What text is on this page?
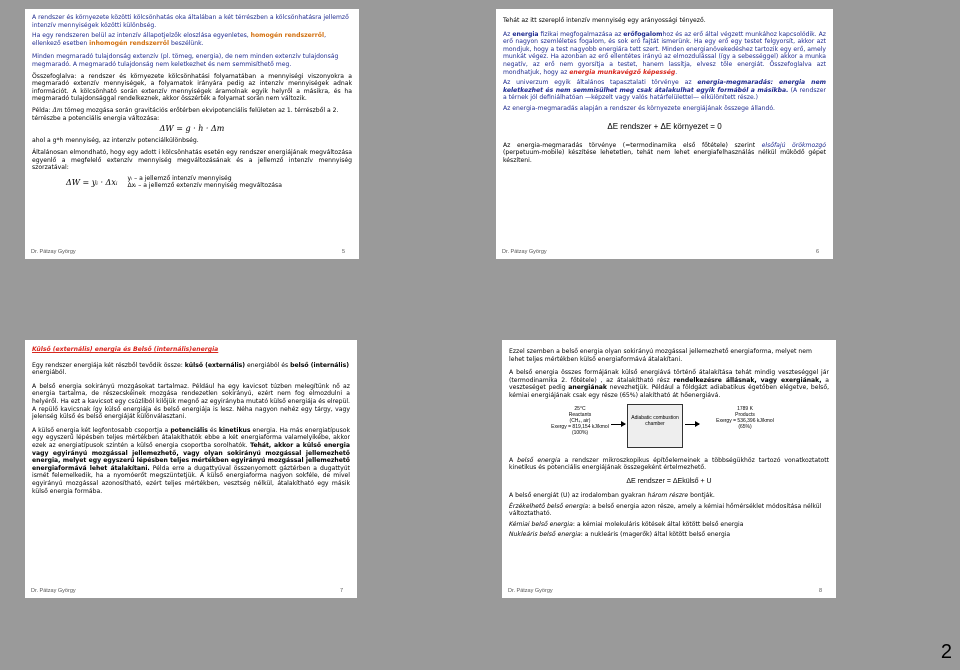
A rendszer és környezete közötti kölcsönhatás oka általában a két térrészben a kölcsönhatásra jellemző intenzív mennyiségek közötti különbség.

Ha egy rendszeren belül az intenzív állapotjelzők eloszlása egyenletes, homogén rendszerről, ellenkező esetben inhomogén rendszerről beszélünk.

Minden megmaradó tulajdonság extenzív (pl. tömeg, energia), de nem minden extenzív tulajdonság megmaradó. A megmaradó tulajdonság nem keletkezhet és nem semmisíthető meg.

Összefoglalva: a rendszer és környezete kölcsönhatási folyamatában a mennyiségi viszonyokra a megmaradó extenzív mennyiségek, a folyamatok irányára pedig az intenzív mennyiségek adnak információt. A kölcsönható során extenzív mennyiségek áramolnak egyik helyről a másikra, és ha megmaradó tulajdonsággal rendelkeznek, akkor összérték a folyamat során nem változik.

Példa: Δm tömeg mozgása során gravitációs erőtérben ekvipotenciális felületen az 1. térrészből a 2. térrészbe a potenciális energia változása:

ΔW = g · h · Δm

ahol a g*h mennyiség, az intenzív potenciálkülönbség.

Általánosan elmondható, hogy egy adott i kölcsönhatás esetén egy rendszer energiájának megváltozása egyenlő a megfelelő extenzív mennyiség megváltozásának és a jellemző intenzív mennyiség szorzatával:

ΔW = yᵢ · Δxᵢ yᵢ – a jellemző intenzív mennyiség

Δxᵢ – a jellemző extenzív mennyiség megváltozása

Dr. Pátzay György	5

Tehát az itt szereplő intenzív mennyiség egy arányossági tényező.

Az energia fizikai megfogalmazása az erőfogalomhoz és az erő által végzett munkához kapcsolódik. Az erő nagyon szemléletes fogalom, és sok erő fajtát ismerünk. Ha egy erő egy testet felgyorsít, akkor azt mondjuk, hogy a test nagyobb energiára tett szert. Minden energianövekedéshez tartozik egy erő, amely munkát végez. Ha azonban az erő ellentétes irányú az elmozdulással (így a sebességgel) akkor a munka negatív, az erő nem gyorsítja a testet, hanem lassítja, elvesz tőle energiát. Összefoglalva azt mondhatjuk, hogy az energia munkavégző képesség.

Az univerzum egyik általános tapasztalati törvénye az energia-megmaradás: energia nem keletkezhet és nem semmisülhet meg csak átalakulhat egyik formából a másikba. (A rendszer a térnek jól definiálhatóan —képzelt vagy valós határfelülettel— elkülönített része.)

Az energia-megmaradás alapján a rendszer és környezete energiájának összege állandó.

ΔE rendszer + ΔE környezet = 0

Az energia-megmaradás törvénye (=termodinamika első főtétele) szerint elsőfajú örökmozgó (perpetuum-mobile) készítése lehetetlen, tehát nem lehet energiafelhasználás nélkül működő gépet készíteni.

Dr. Pátzay György	6

Külső (externális) energia és Belső (internális)energia

Egy rendszer energiája két részből tevődik össze: külső (externális) energiából és belső (internális) energiából.

A belső energia sokirányú mozgásokat tartalmaz. Például ha egy kavicsot túzben melegítünk nő az energia tartalma, de részecskéinek mozgása rendezetlen sokirányú, ezért nem fog elmozdulni a helyéről. Ha ezt a kavicsot egy csúzliból kilőjük megnő az egyirányba mutató külső energiája és elrepül. A repülő kavicsnak így külső energiája és belső energiája is lesz. Néha nagyon nehéz egy tárgy, vagy jelenség külső és belső energiáját különválasztani.

A külső energia két legfontosabb csoportja a potenciális és kinetikus energia. Ha más energiatípusok egy egyszerű lépésben teljes mértékben átalakíthatók ebbe a két energiaforma valamelyikébe, akkor ezek az energiatípusok szintén a külső energia csoportba sorolhatók. Tehát, akkor a külső energia vagy egyirányú mozgással jellemezhető, vagy olyan sokirányú mozgással jellemezhető energia, melyet egy egyszerű lépésben teljes mértékben egyirányú mozgással jellemezhető energiaformává lehet átalakítani. Példa erre a dugattyúval összenyomott gáztérben a dugattyút ismét felemelkedik, ha a nyomóerőt megszüntetjük. A külső energiaforma nagyon sokféle, de mivel egyirányú mozgással azonosítható, ezért teljes mértékben, vesztség nélkül, átalakítható egy másik külső energia formába.

Dr. Pátzay György	7

Ezzel szemben a belső energia olyan sokirányú mozgással jellemezhető energiaforma, melyet nem lehet teljes mértékben külső energiaformává átalakítani.

A belső energia összes formájának külső energiává történő átalakítása tehát mindig veszteséggel jár (termodinamika 2. főtétele) , az átalakítható rész rendelkezésre állásnak, vagy exergiának, a veszteséget pedig anergiának nevezhetjük. Például a földgázt adiabatikus égetőben elégetve, belső, kémiai energiájának csak egy része (65%) alakítható át hőenergiává.

25°C
Reactants
(CH₄, air)
Exergy = 819,154 kJ/kmol
(100%)
Adiabatic combustion chamber
1789 K
Products
Exergy = 536,396 kJ/kmol
(65%)

A belső energia a rendszer mikroszkopikus építőelemeinek a többségükhöz tartozó vonatkoztatott kinetikus és potenciális energiájának összegeként értelmezhető.

ΔE rendszer = ΔEkülső + U

A belső energiát (U) az irodalomban gyakran három részre bontják.

Érzékelhető belső energia: a belső energia azon része, amely a kémiai hőmérséklet módosítása nélkül változtatható.

Kémiai belső energia: a kémiai molekuláris kötések által kötött belső energia

Nukleáris belső energia: a nukleáris (magerők) által kötött belső energia

Dr. Pátzay György	8
2
